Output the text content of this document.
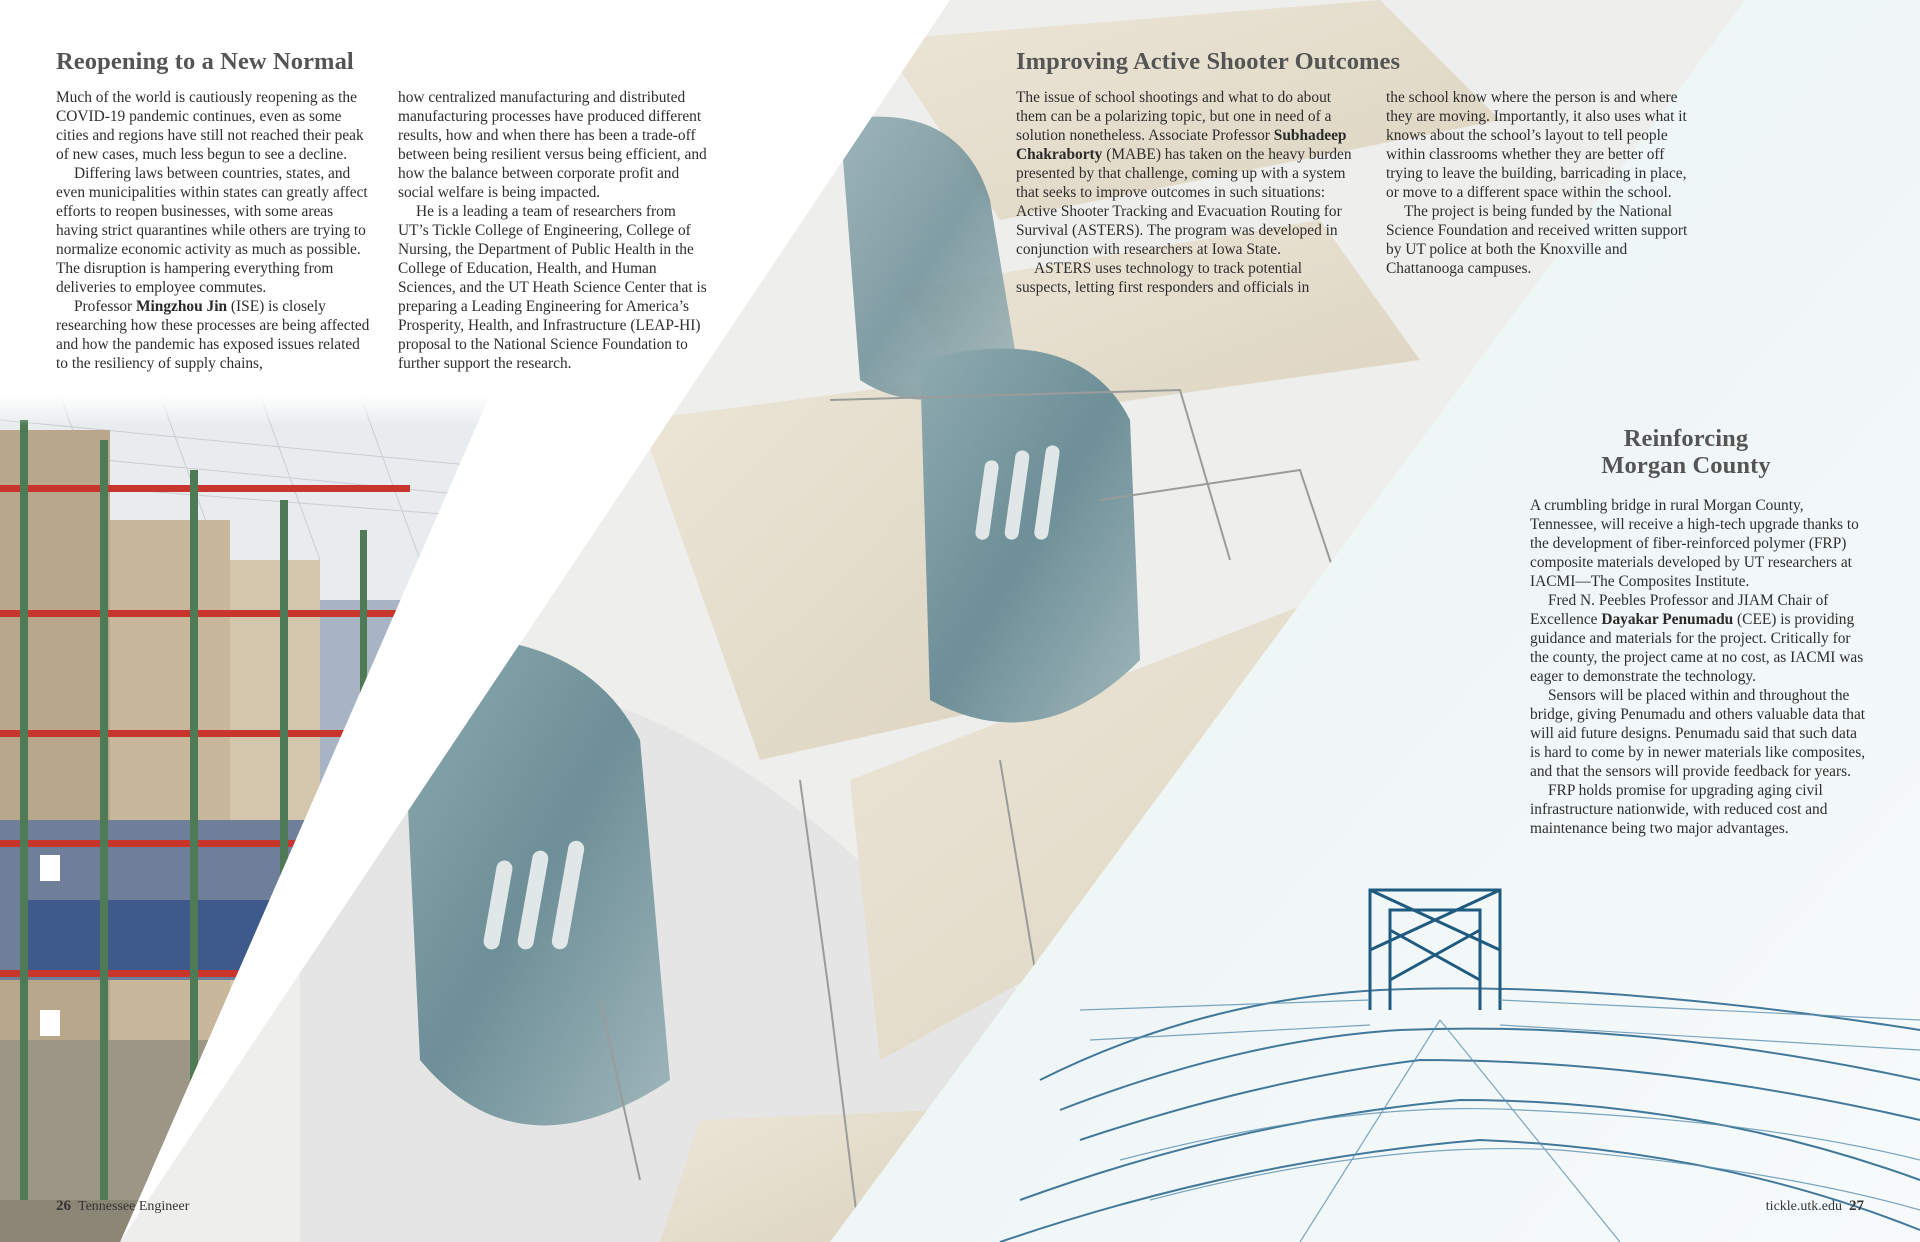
Reopening to a New Normal

Much of the world is cautiously reopening as the COVID-19 pandemic continues, even as some cities and regions have still not reached their peak of new cases, much less begun to see a decline.

Differing laws between countries, states, and even municipalities within states can greatly affect efforts to reopen businesses, with some areas having strict quarantines while others are trying to normalize economic activity as much as possible. The disruption is hampering everything from deliveries to employee commutes.

Professor Mingzhou Jin (ISE) is closely researching how these processes are being affected and how the pandemic has exposed issues related to the resiliency of supply chains,

how centralized manufacturing and distributed manufacturing processes have produced different results, how and when there has been a trade-off between being resilient versus being efficient, and how the balance between corporate profit and social welfare is being impacted.

He is a leading a team of researchers from UT’s Tickle College of Engineering, College of Nursing, the Department of Public Health in the College of Education, Health, and Human Sciences, and the UT Heath Science Center that is preparing a Leading Engineering for America’s Prosperity, Health, and Infrastructure (LEAP-HI) proposal to the National Science Foundation to further support the research.

Improving Active Shooter Outcomes

The issue of school shootings and what to do about them can be a polarizing topic, but one in need of a solution nonetheless. Associate Professor Subhadeep Chakraborty (MABE) has taken on the heavy burden presented by that challenge, coming up with a system that seeks to improve outcomes in such situations: Active Shooter Tracking and Evacuation Routing for Survival (ASTERS). The program was developed in conjunction with researchers at Iowa State.

ASTERS uses technology to track potential suspects, letting first responders and officials in

the school know where the person is and where they are moving. Importantly, it also uses what it knows about the school’s layout to tell people within classrooms whether they are better off trying to leave the building, barricading in place, or move to a different space within the school.

The project is being funded by the National Science Foundation and received written support by UT police at both the Knoxville and Chattanooga campuses.

Reinforcing
Morgan County

A crumbling bridge in rural Morgan County, Tennessee, will receive a high-tech upgrade thanks to the development of fiber-reinforced polymer (FRP) composite materials developed by UT researchers at IACMI—The Composites Institute.

Fred N. Peebles Professor and JIAM Chair of Excellence Dayakar Penumadu (CEE) is providing guidance and materials for the project. Critically for the county, the project came at no cost, as IACMI was eager to demonstrate the technology.

Sensors will be placed within and throughout the bridge, giving Penumadu and others valuable data that will aid future designs. Penumadu said that such data is hard to come by in newer materials like composites, and that the sensors will provide feedback for years.

FRP holds promise for upgrading aging civil infrastructure nationwide, with reduced cost and maintenance being two major advantages.

26 Tennessee Engineer	tickle.utk.edu 27
